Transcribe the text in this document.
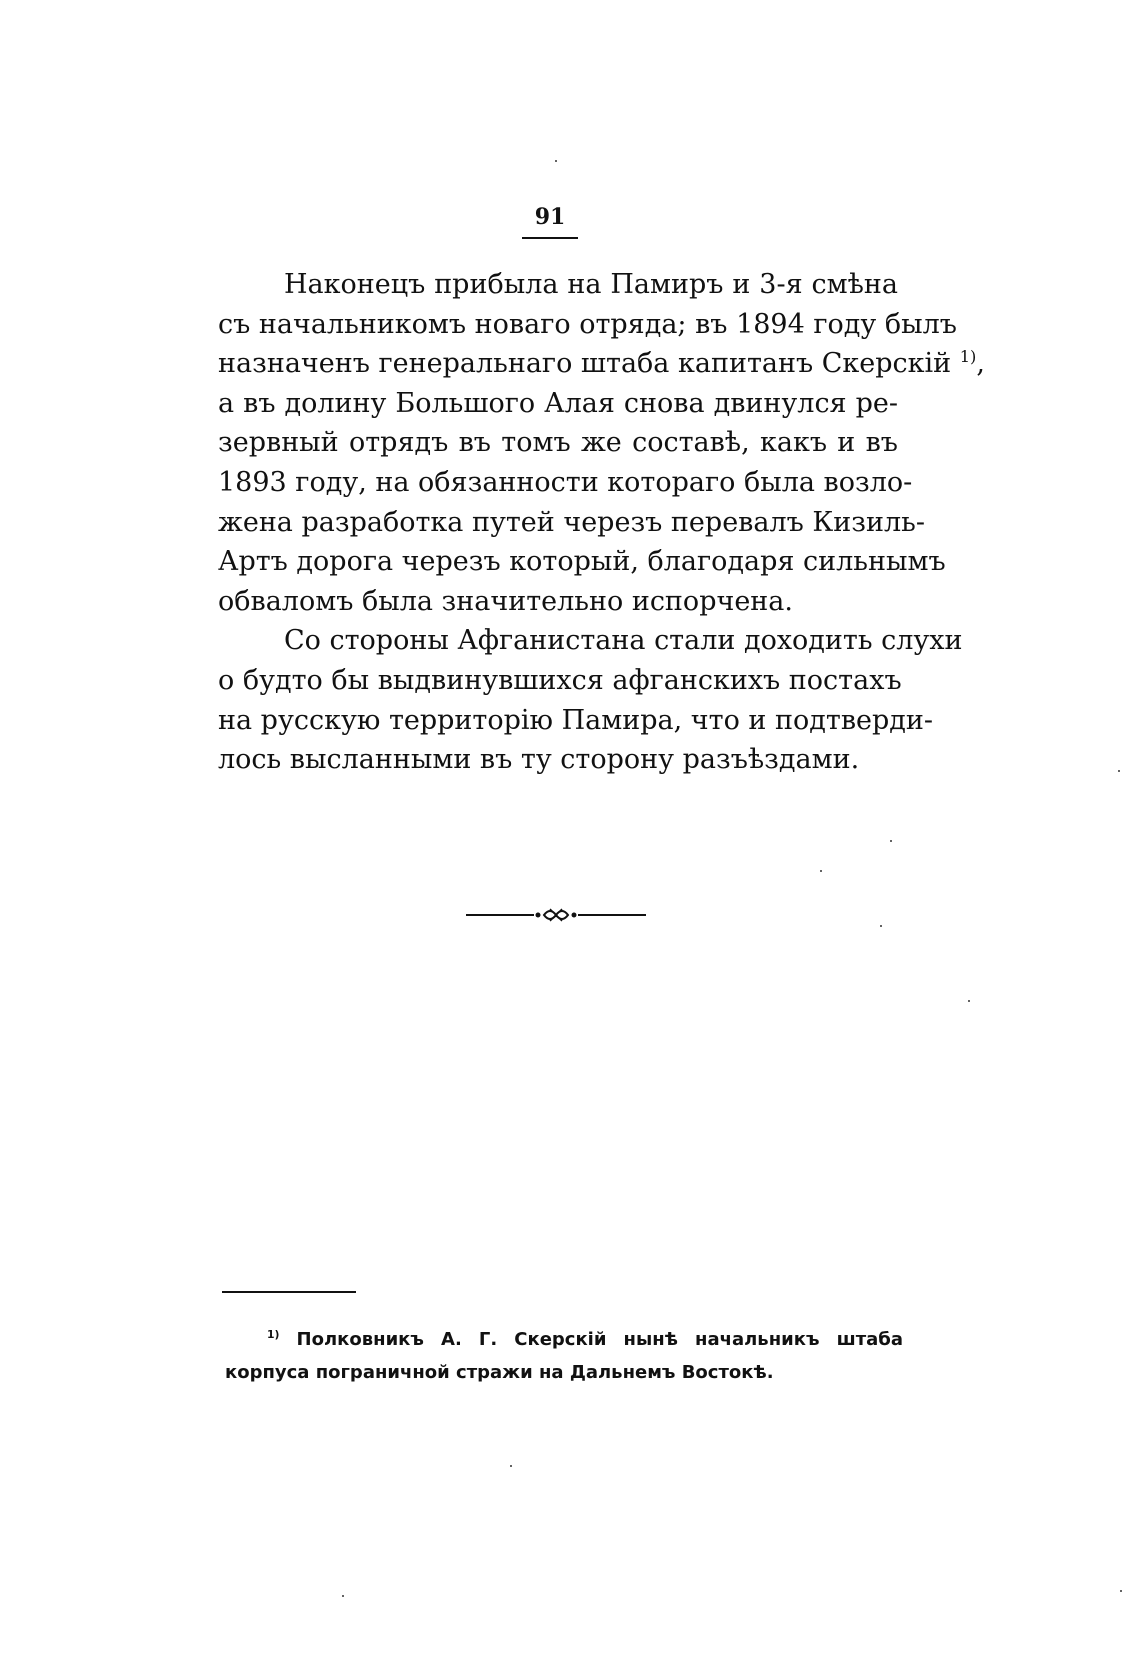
91
Наконецъ прибыла на Памиръ и 3-я смѣна
съ начальникомъ новаго отряда; въ 1894 году былъ
назначенъ генеральнаго штаба капитанъ Скерскій $^{1)}$,
а въ долину Большого Алая снова двинулся ре-
зервный отрядъ въ томъ же составѣ, какъ и въ
1893 году, на обязанности котораго была возло-
жена разработка путей черезъ перевалъ Кизиль-
Артъ дорога черезъ который, благодаря сильнымъ
обваломъ была значительно испорчена.
Со стороны Афганистана стали доходить слухи
о будто бы выдвинувшихся афганскихъ постахъ
на русскую территорію Памира, что и подтверди-
лось высланными въ ту сторону разъѣздами.
$^{1)}$ Полковникъ А. Г. Скерскій нынѣ начальникъ штаба
корпуса пограничной стражи на Дальнемъ Востокѣ.
